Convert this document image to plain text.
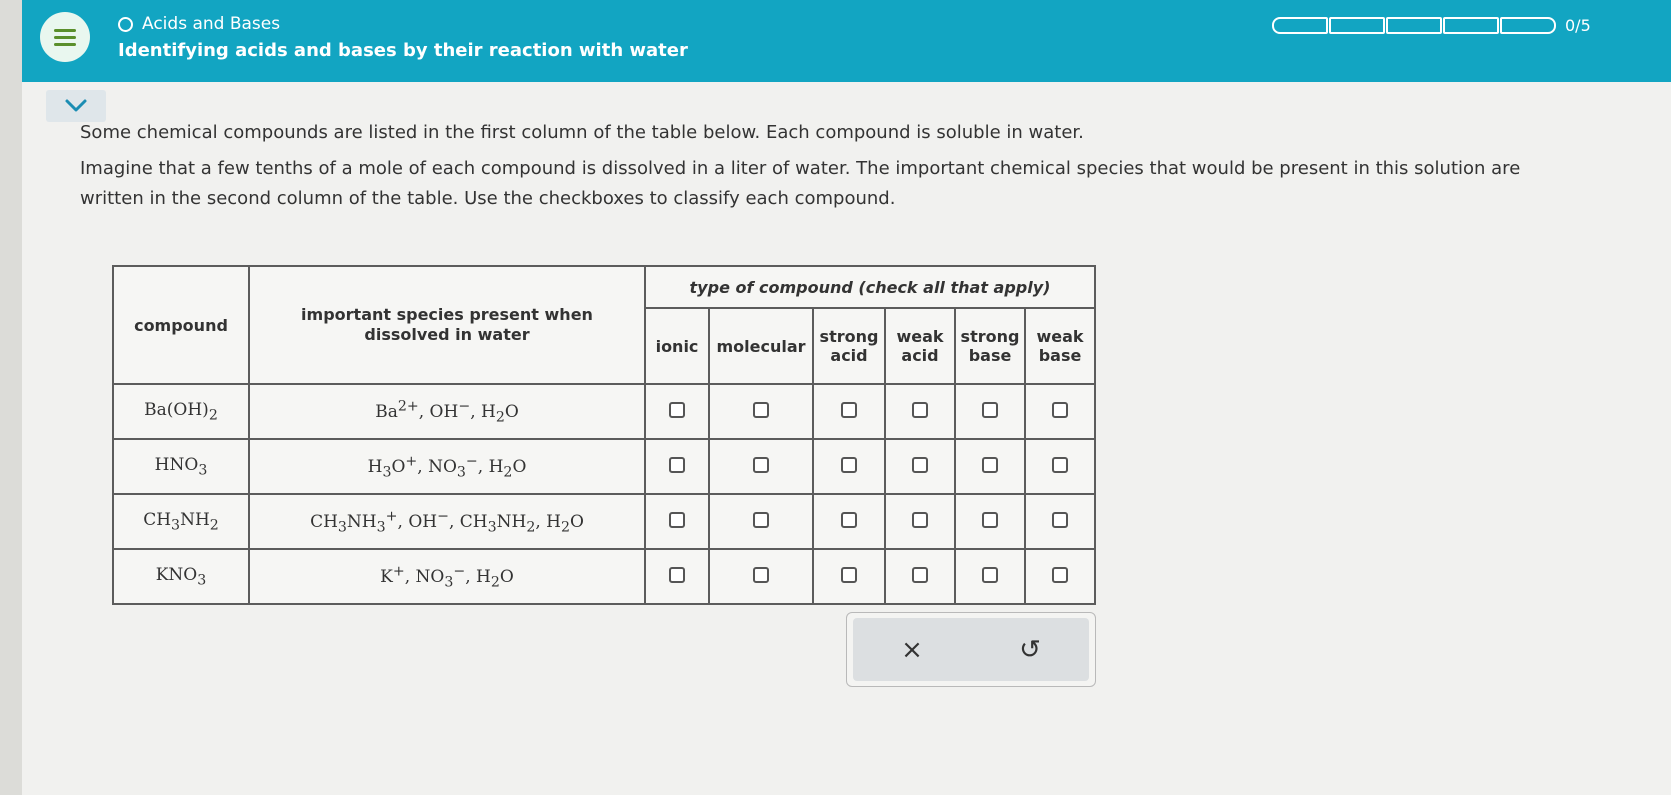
Acids and Bases
Identifying acids and bases by their reaction with water
0/5
Some chemical compounds are listed in the first column of the table below. Each compound is soluble in water.
Imagine that a few tenths of a mole of each compound is dissolved in a liter of water. The important chemical species that would be present in this solution are
written in the second column of the table. Use the checkboxes to classify each compound.
compound	important species present when dissolved in water	type of compound (check all that apply)					
		ionic	molecular	strong acid	weak acid	strong base	weak base
$Ba(OH)_2$	$Ba^{2+}$, OH−, $H_2O$						
$HNO_3$	$H_3O^+$, $NO_3^-$, $H_2O$						
$CH_3NH_2$	$CH_3NH_3^+$, OH−, $CH_3NH_2$, $H_2O$						
$KNO_3$	K+, $NO_3^-$, $H_2O$						
×	↺
